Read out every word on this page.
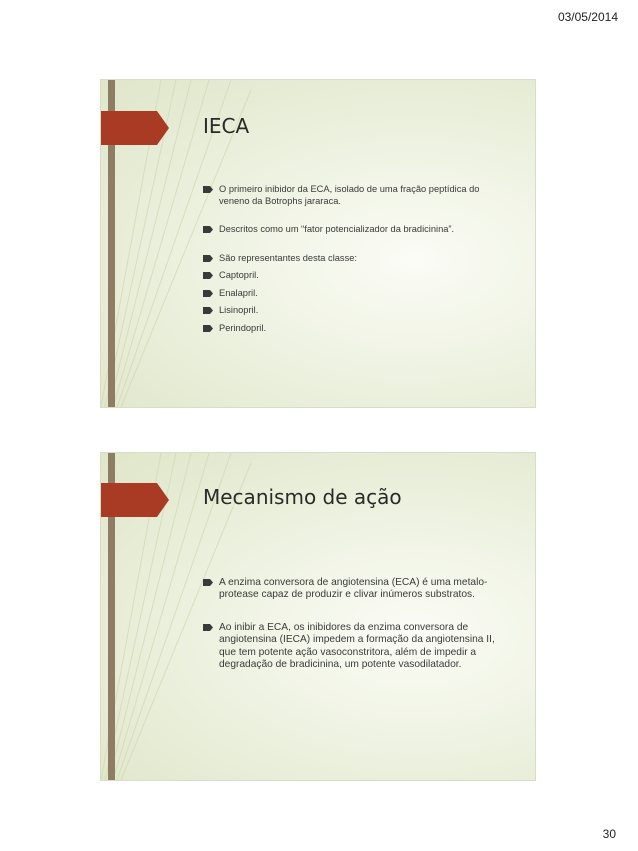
03/05/2014
IECA
O primeiro inibidor da ECA, isolado de uma fração peptídica do veneno da Botrophs jararaca.
Descritos como um “fator potencializador da bradicinina”.
São representantes desta classe:
Captopril.
Enalapril.
Lisinopril.
Perindopril.
Mecanismo de ação
A enzima conversora de angiotensina (ECA) é uma metalo-protease capaz de produzir e clivar inúmeros substratos.
Ao inibir a ECA, os inibidores da enzima conversora de angiotensina (IECA) impedem a formação da angiotensina II, que tem potente ação vasoconstritora, além de impedir a degradação de bradicinina, um potente vasodilatador.
30
